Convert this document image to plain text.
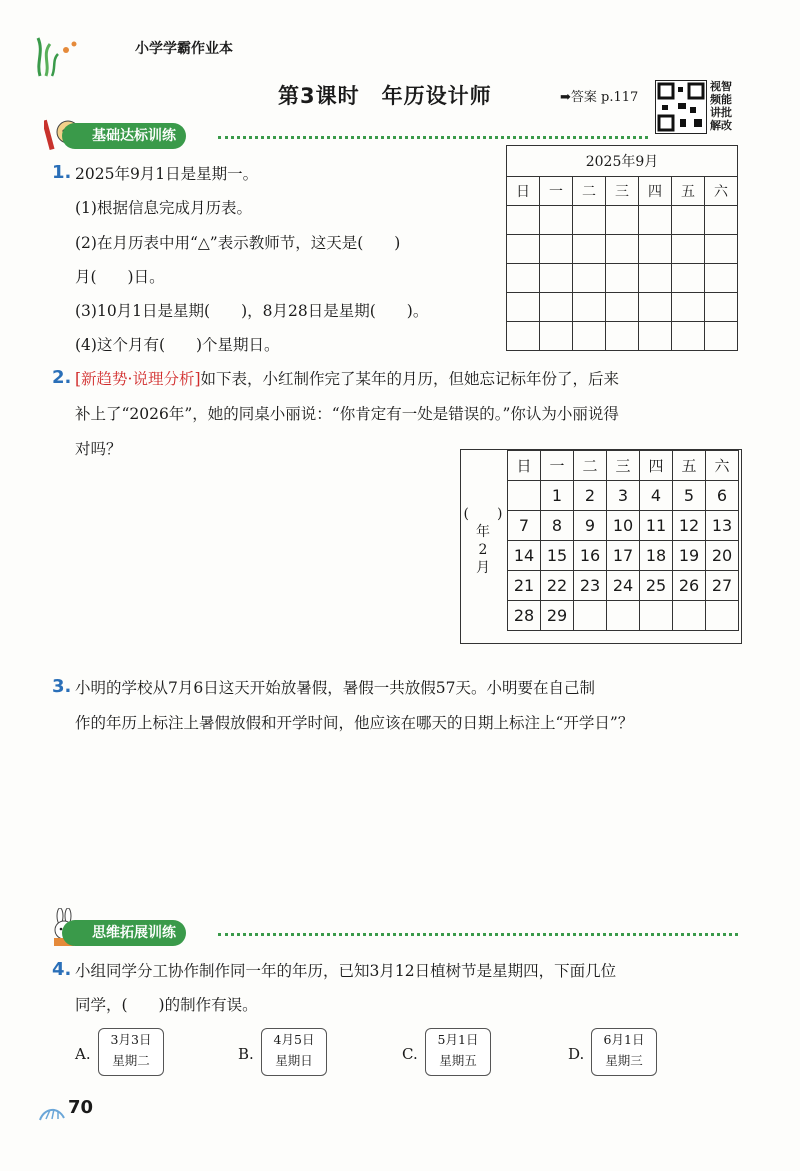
小学学霸作业本
第3课时　年历设计师	➡答案 p.117
视智
频能
讲批
解改
基础达标训练
1. 2025年9月1日是星期一。
(1)根据信息完成月历表。
(2)在月历表中用“△”表示教师节，这天是(　　)
月(　　)日。
(3)10月1日是星期(　　)，8月28日是星期(　　)。
(4)这个月有(　　)个星期日。
2025年9月						
日	一	二	三	四	五	六

2. [新趋势·说理分析]如下表，小红制作完了某年的月历，但她忘记标年份了，后来
补上了“2026年”，她的同桌小丽说：“你肯定有一处是错误的。”你认为小丽说得
对吗？
日	一	二	三	四	五	六
	1	2	3	4	5	6
7	8	9	10	11	12	13
14	15	16	17	18	19	20
21	22	23	24	25	26	27
28	29					
(　　)
年
2
月
3. 小明的学校从7月6日这天开始放暑假，暑假一共放假57天。小明要在自己制
作的年历上标注上暑假放假和开学时间，他应该在哪天的日期上标注上“开学日”？
思维拓展训练
4. 小组同学分工协作制作同一年的年历，已知3月12日植树节是星期四，下面几位
同学，(　　)的制作有误。
A.
3月3日
星期二	B.
4月5日
星期日	C.
5月1日
星期五	D.
6月1日
星期三
70
